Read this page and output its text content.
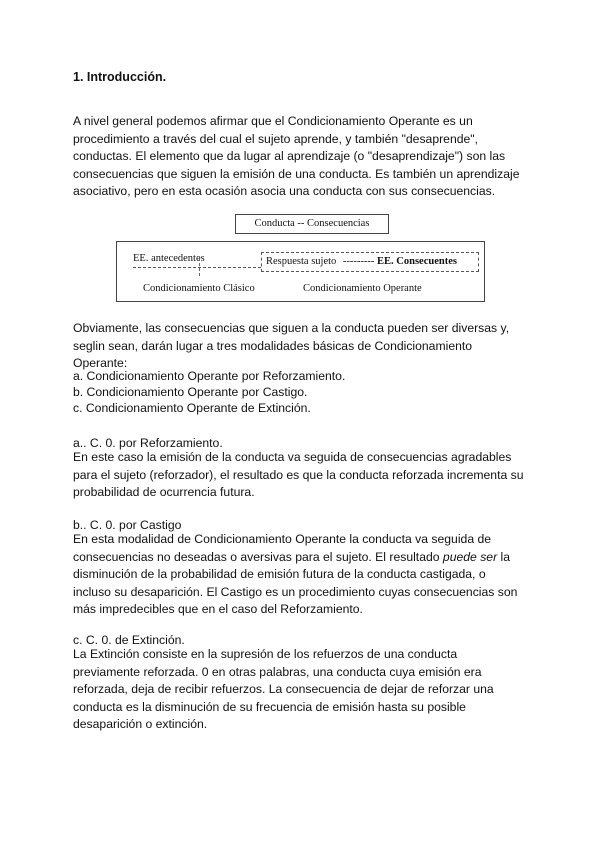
1. Introducción.
A nivel general podemos afirmar que el Condicionamiento Operante es un
procedimiento a través del cual el sujeto aprende, y también "desaprende",
conductas. El elemento que da lugar al aprendizaje (o "desaprendizaje") son las
consecuencias que siguen la emisión de una conducta. Es también un aprendizaje
asociativo, pero en esta ocasión asocia una conducta con sus consecuencias.
Conducta -- Consecuencias
EE. antecedentes	Respuesta sujeto --------- EE. Consecuentes
Condicionamiento Clásico	Condicionamiento Operante
Obviamente, las consecuencias que siguen a la conducta pueden ser diversas y,
seglin sean, darán lugar a tres modalidades básicas de Condicionamiento
Operante:
a. Condicionamiento Operante por Reforzamiento.
b. Condicionamiento Operante por Castigo.
c. Condicionamiento Operante de Extinción.
a.. C. 0. por Reforzamiento.
En este caso la emisión de la conducta va seguida de consecuencias agradables
para el sujeto (reforzador), el resultado es que la conducta reforzada incrementa su
probabilidad de ocurrencia futura.
b.. C. 0. por Castigo
En esta modalidad de Condicionamiento Operante la conducta va seguida de
consecuencias no deseadas o aversivas para el sujeto. El resultado puede ser la
disminución de la probabilidad de emisión futura de la conducta castigada, o
incluso su desaparición. El Castigo es un procedimiento cuyas consecuencias son
más impredecibles que en el caso del Reforzamiento.
c. C. 0. de Extinción.
La Extinción consiste en la supresión de los refuerzos de una conducta
previamente reforzada. 0 en otras palabras, una conducta cuya emisión era
reforzada, deja de recibir refuerzos. La consecuencia de dejar de reforzar una
conducta es la disminución de su frecuencia de emisión hasta su posible
desaparición o extinción.
